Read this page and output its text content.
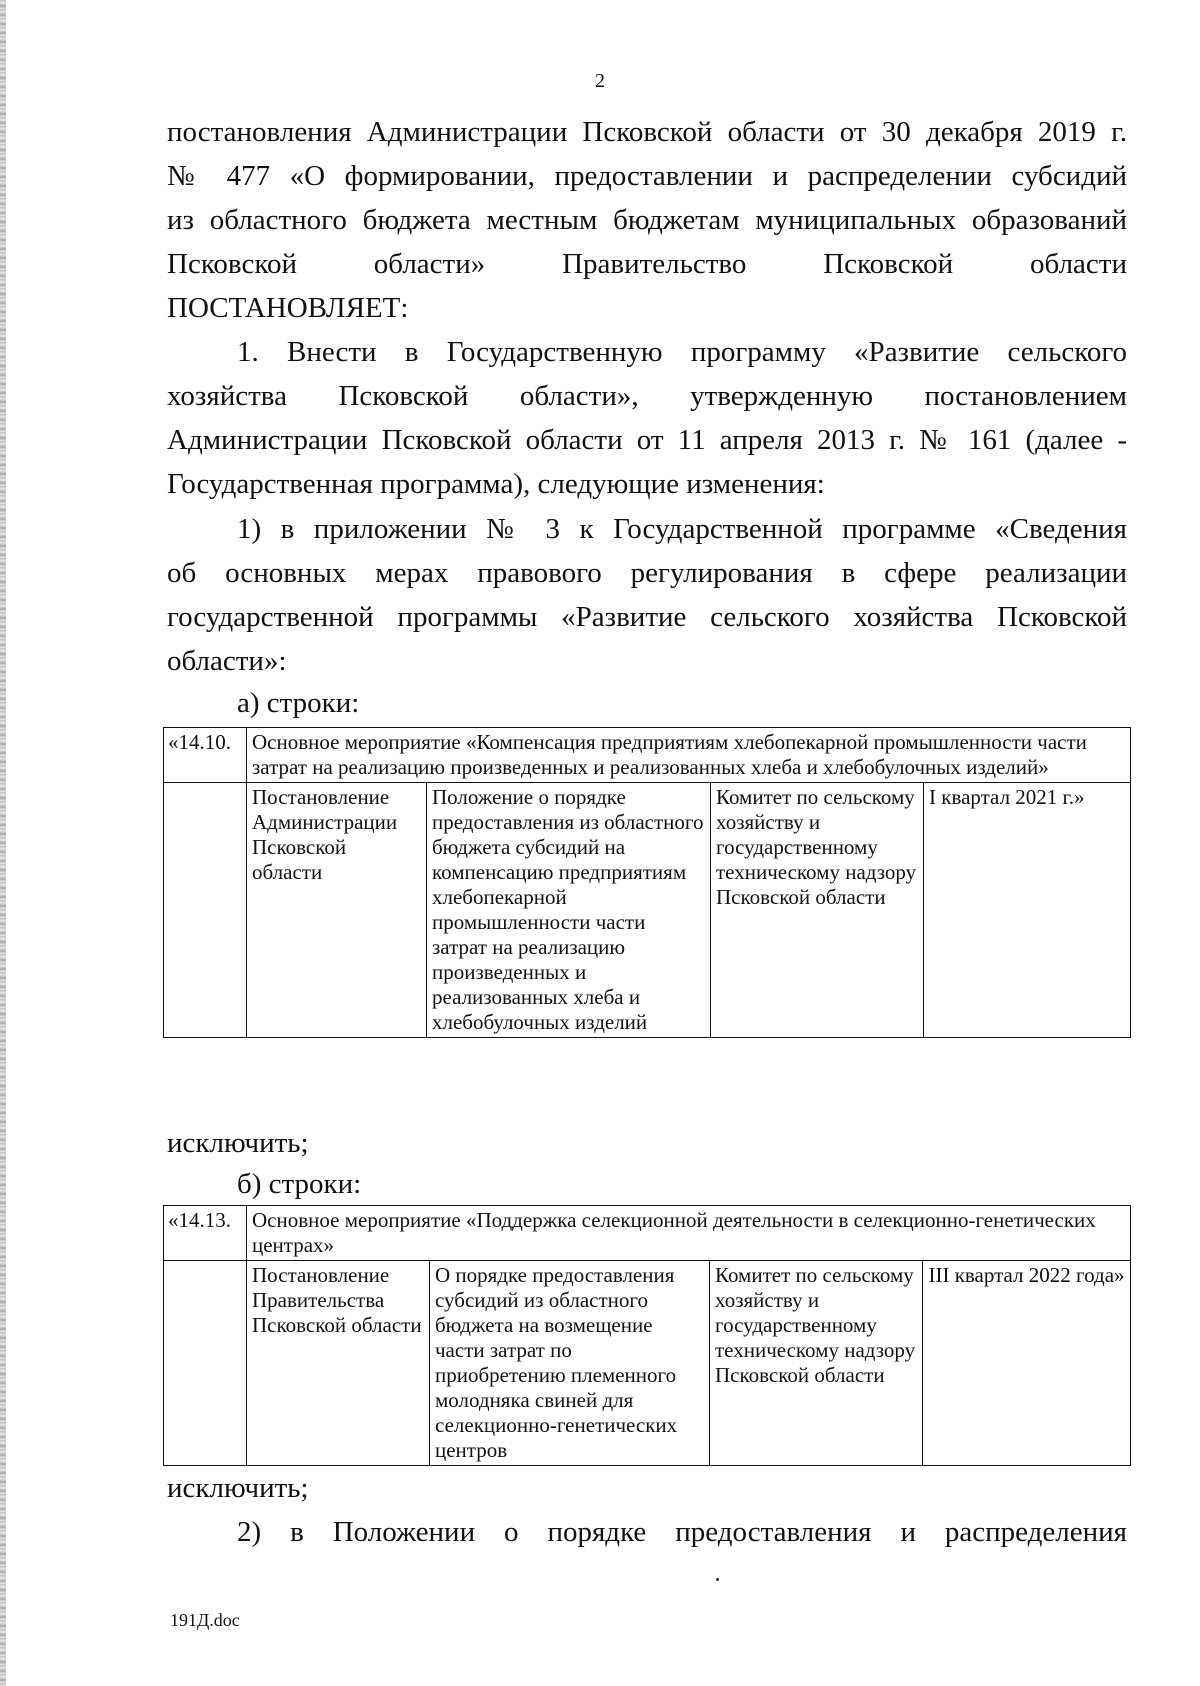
2
постановления Администрации Псковской области от 30 декабря 2019 г.
№ 477 «О формировании, предоставлении и распределении субсидий
из областного бюджета местным бюджетам муниципальных образований
Псковской области» Правительство Псковской области
ПОСТАНОВЛЯЕТ:
1. Внести в Государственную программу «Развитие сельского
хозяйства Псковской области», утвержденную постановлением
Администрации Псковской области от 11 апреля 2013 г. № 161 (далее -
Государственная программа), следующие изменения:
1) в приложении № 3 к Государственной программе «Сведения
об основных мерах правового регулирования в сфере реализации
государственной программы «Развитие сельского хозяйства Псковской
области»:
а) строки:
«14.10.	Основное мероприятие «Компенсация предприятиям хлебопекарной промышленности части затрат на реализацию произведенных и реализованных хлеба и хлебобулочных изделий»			
	Постановление Администрации Псковской области	Положение о порядке предоставления из областного бюджета субсидий на компенсацию предприятиям хлебопекарной промышленности части затрат на реализацию произведенных и реализованных хлеба и хлебобулочных изделий	Комитет по сельскому хозяйству и государственному техническому надзору Псковской области	I квартал 2021 г.»
исключить;
б) строки:
«14.13.	Основное мероприятие «Поддержка селекционной деятельности в селекционно-генетических центрах»			
	Постановление Правительства Псковской области	О порядке предоставления субсидий из областного бюджета на возмещение части затрат по приобретению племенного молодняка свиней для селекционно-генетических центров	Комитет по сельскому хозяйству и государственному техническому надзору Псковской области	III квартал 2022 года»
исключить;
2) в Положении о порядке предоставления и распределения
191Д.doc
